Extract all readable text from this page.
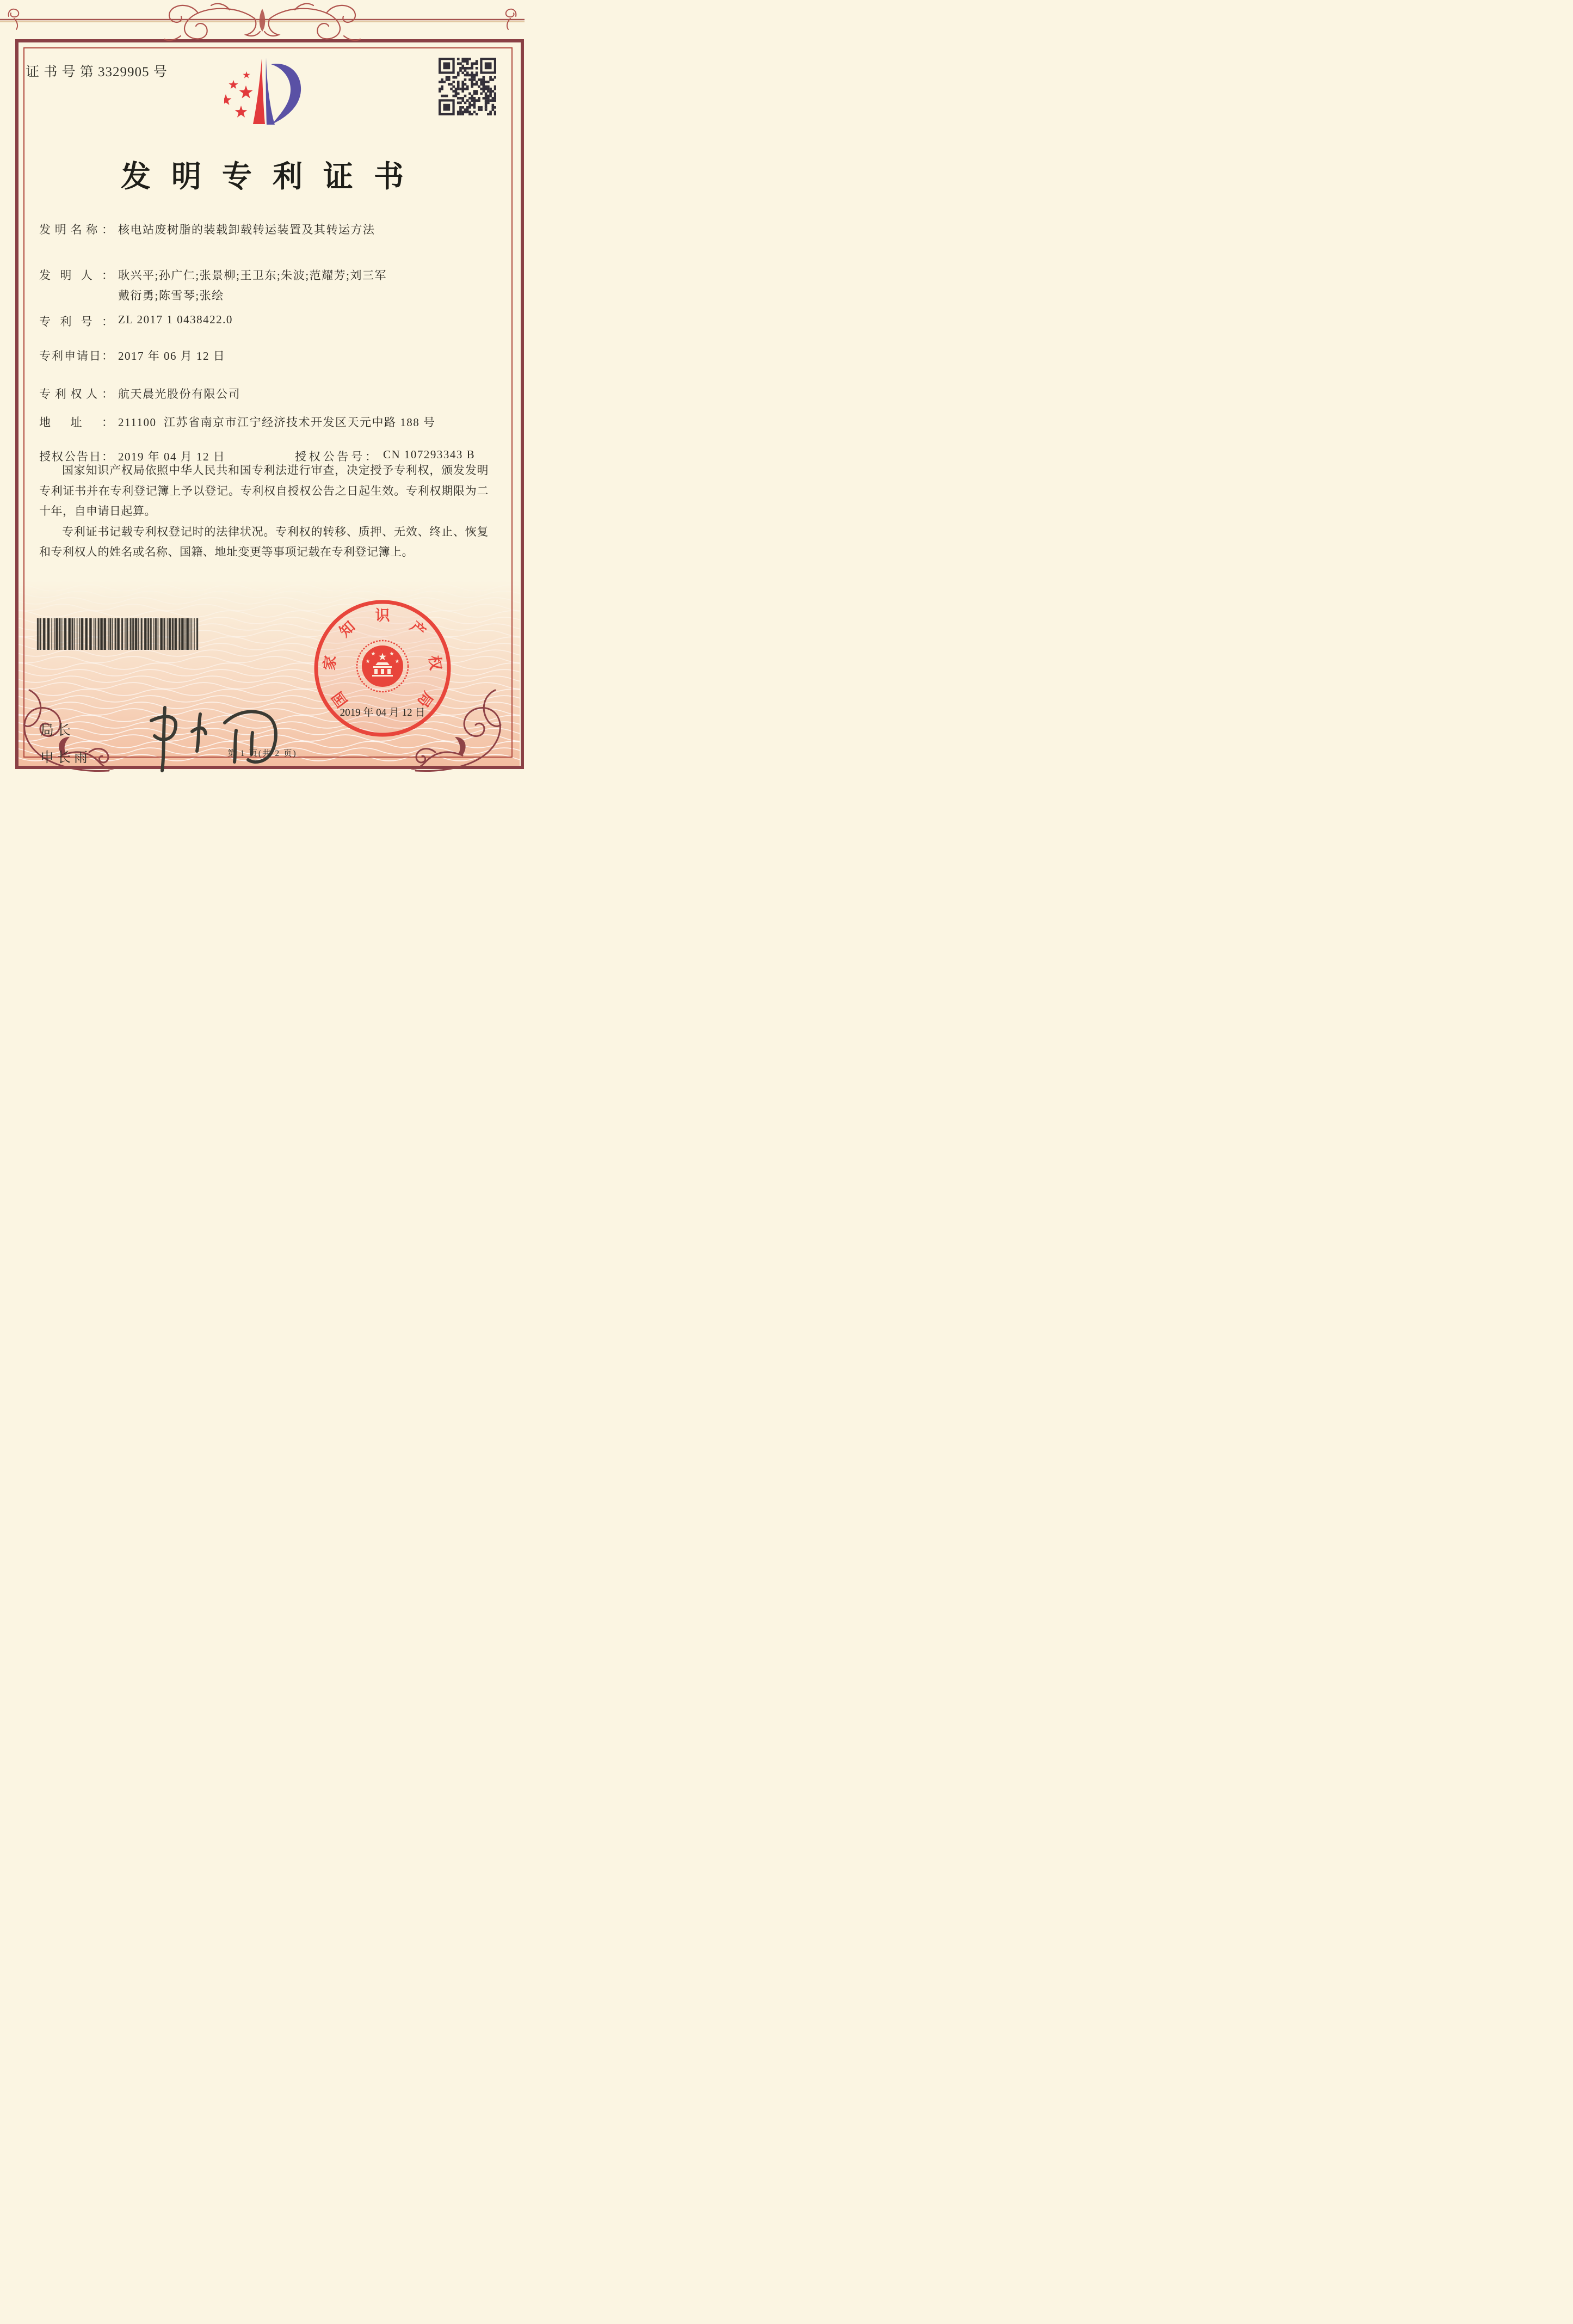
证 书 号 第 3329905 号
发明专利证书
发明名称： 核电站废树脂的装载卸载转运装置及其转运方法
发明人： 耿兴平;孙广仁;张景柳;王卫东;朱波;范耀芳;刘三军
戴衍勇;陈雪琴;张绘
专利号： ZL 2017 1 0438422.0
专利申请日： 2017 年 06 月 12 日
专利权人： 航天晨光股份有限公司
地址： 211100  江苏省南京市江宁经济技术开发区天元中路 188 号
授权公告日： 2019 年 04 月 12 日	授权公告号： CN 107293343 B

国家知识产权局依照中华人民共和国专利法进行审查，决定授予专利权，颁发发明专利证书并在专利登记簿上予以登记。专利权自授权公告之日起生效。专利权期限为二十年，自申请日起算。

专利证书记载专利权登记时的法律状况。专利权的转移、质押、无效、终止、恢复和专利权人的姓名或名称、国籍、地址变更等事项记载在专利登记簿上。

局长
申长雨
国
家
知
识
产
权
局
2019 年 04 月 12 日
第 1 页(共 2 页)
